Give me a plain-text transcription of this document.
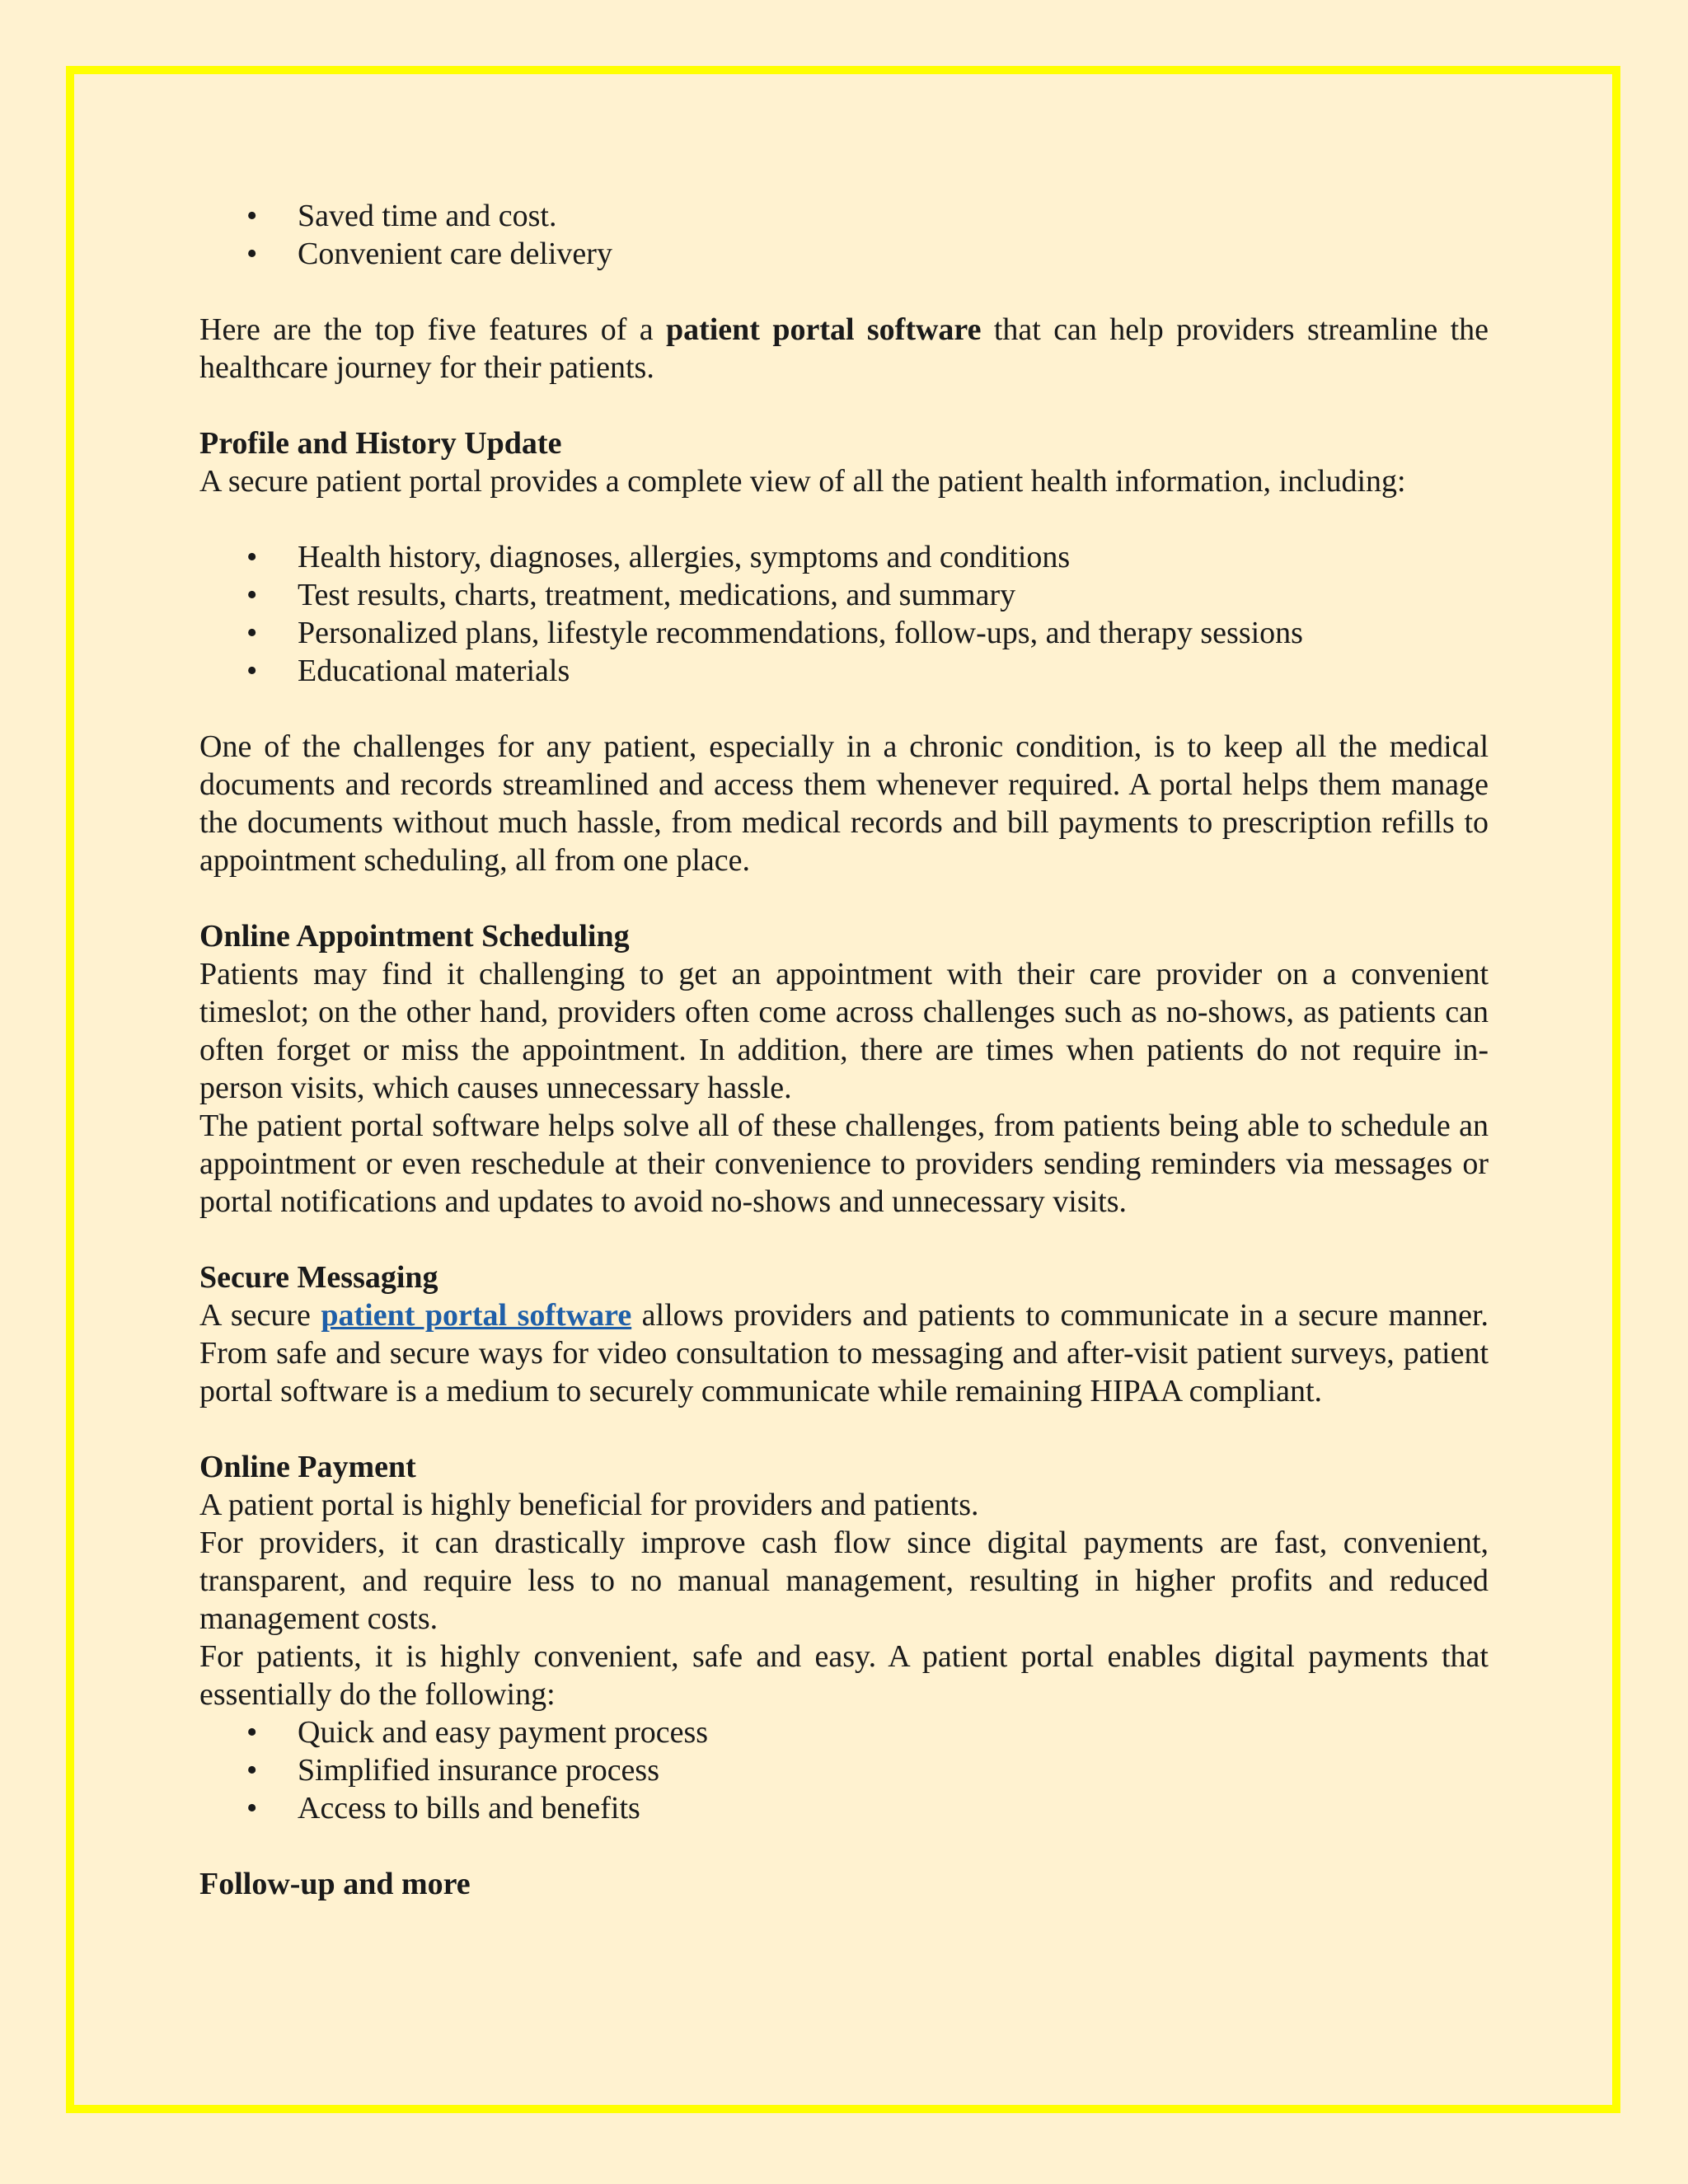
• Saved time and cost.
• Convenient care delivery

Here are the top five features of a patient portal software that can help providers streamline the healthcare journey for their patients.

Profile and History Update

A secure patient portal provides a complete view of all the patient health information, including:

• Health history, diagnoses, allergies, symptoms and conditions
• Test results, charts, treatment, medications, and summary
• Personalized plans, lifestyle recommendations, follow-ups, and therapy sessions
• Educational materials

One of the challenges for any patient, especially in a chronic condition, is to keep all the medical documents and records streamlined and access them whenever required. A portal helps them manage the documents without much hassle, from medical records and bill payments to prescription refills to appointment scheduling, all from one place.

Online Appointment Scheduling

Patients may find it challenging to get an appointment with their care provider on a convenient timeslot; on the other hand, providers often come across challenges such as no-shows, as patients can often forget or miss the appointment. In addition, there are times when patients do not require in-person visits, which causes unnecessary hassle.

The patient portal software helps solve all of these challenges, from patients being able to schedule an appointment or even reschedule at their convenience to providers sending reminders via messages or portal notifications and updates to avoid no-shows and unnecessary visits.

Secure Messaging

A secure patient portal software allows providers and patients to communicate in a secure manner. From safe and secure ways for video consultation to messaging and after-visit patient surveys, patient portal software is a medium to securely communicate while remaining HIPAA compliant.

Online Payment

A patient portal is highly beneficial for providers and patients.

For providers, it can drastically improve cash flow since digital payments are fast, convenient, transparent, and require less to no manual management, resulting in higher profits and reduced management costs.

For patients, it is highly convenient, safe and easy. A patient portal enables digital payments that essentially do the following:

• Quick and easy payment process
• Simplified insurance process
• Access to bills and benefits
Follow-up and more
